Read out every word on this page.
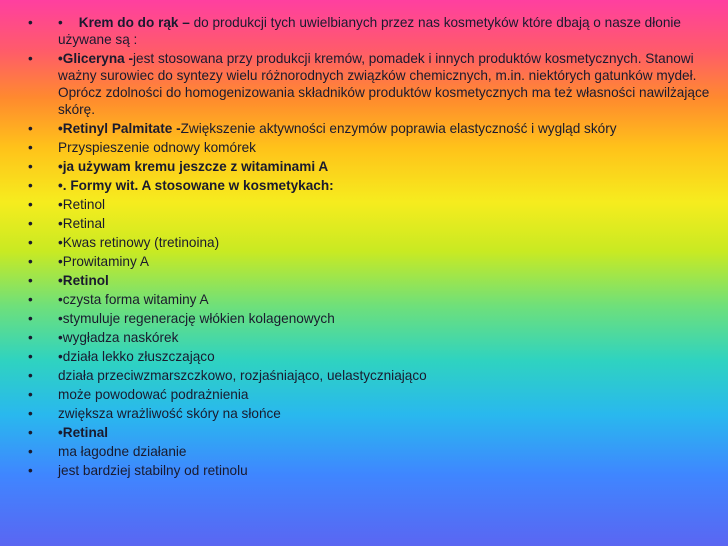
•	• Krem do do rąk – do produkcji tych uwielbianych przez nas kosmetyków które dbają o nasze dłonie używane są :
•	•Gliceryna -jest stosowana przy produkcji kremów, pomadek i innych produktów kosmetycznych. Stanowi ważny surowiec do syntezy wielu różnorodnych związków chemicznych, m.in. niektórych gatunków mydeł. Oprócz zdolności do homogenizowania składników produktów kosmetycznych ma też własności nawilżające skórę.
•	•Retinyl Palmitate -Zwiększenie aktywności enzymów poprawia elastyczność i wygląd skóry
•	Przyspieszenie odnowy komórek
•	•ja używam kremu jeszcze z witaminami A
•	•. Formy wit. A stosowane w kosmetykach:
•	•Retinol
•	•Retinal
•	•Kwas retinowy (tretinoina)
•	•Prowitaminy A
•	•Retinol
•	•czysta forma witaminy A
•	•stymuluje regenerację włókien kolagenowych
•	•wygładza naskórek
•	•działa lekko złuszczająco
•	działa przeciwzmarszczkowo, rozjaśniająco, uelastyczniająco
•	może powodować podrażnienia
•	zwiększa wrażliwość skóry na słońce
•	•Retinal
•	ma łagodne działanie
•	jest bardziej stabilny od retinolu
